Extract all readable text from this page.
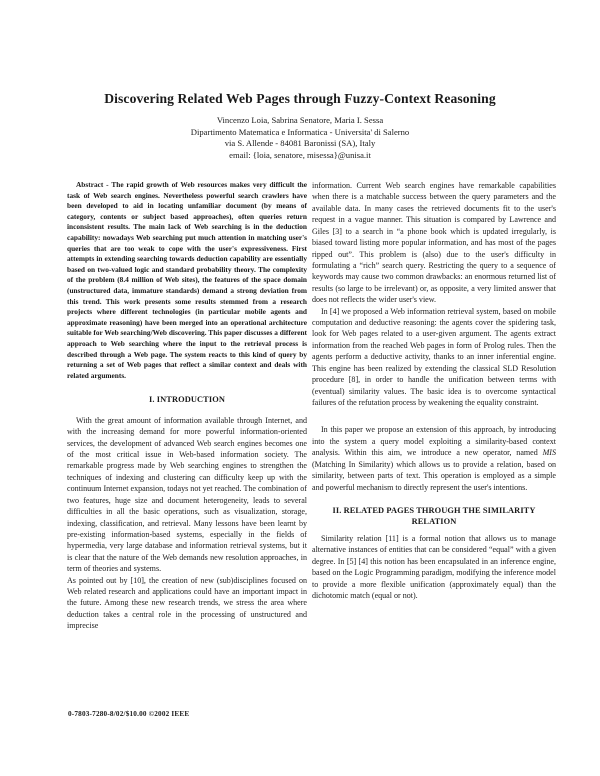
Discovering Related Web Pages through Fuzzy-Context Reasoning
Vincenzo Loia, Sabrina Senatore, Maria I. Sessa
Dipartimento Matematica e Informatica - Universita' di Salerno
via S. Allende - 84081 Baronissi (SA), Italy
email: {loia, senatore, misessa}@unisa.it

Abstract - The rapid growth of Web resources makes very difficult the task of Web search engines. Nevertheless powerful search crawlers have been developed to aid in locating unfamiliar document (by means of category, contents or subject based approaches), often queries return inconsistent results. The main lack of Web searching is in the deduction capability: nowadays Web searching put much attention in matching user's queries that are too weak to cope with the user's expressiveness. First attempts in extending searching towards deduction capability are essentially based on two-valued logic and standard probability theory. The complexity of the problem (8.4 million of Web sites), the features of the space domain (unstructured data, immature standards) demand a strong deviation from this trend. This work presents some results stemmed from a research projects where different technologies (in particular mobile agents and approximate reasoning) have been merged into an operational architecture suitable for Web searching/Web discovering. This paper discusses a different approach to Web searching where the input to the retrieval process is described through a Web page. The system reacts to this kind of query by returning a set of Web pages that reflect a similar context and deals with related arguments.

I. INTRODUCTION

With the great amount of information available through Internet, and with the increasing demand for more powerful information-oriented services, the development of advanced Web search engines becomes one of the most critical issue in Web-based information society. The remarkable progress made by Web searching engines to strengthen the techniques of indexing and clustering can difficulty keep up with the continuum Internet expansion, todays not yet reached. The combination of two features, huge size and document heterogeneity, leads to several difficulties in all the basic operations, such as visualization, storage, indexing, classification, and retrieval. Many lessons have been learnt by pre-existing information-based systems, especially in the fields of hypermedia, very large database and information retrieval systems, but it is clear that the nature of the Web demands new resolution approaches, in term of theories and systems.

As pointed out by [10], the creation of new (sub)disciplines focused on Web related research and applications could have an important impact in the future. Among these new research trends, we stress the area where deduction takes a central role in the processing of unstructured and imprecise

information. Current Web search engines have remarkable capabilities when there is a matchable success between the query parameters and the available data. In many cases the retrieved documents fit to the user's request in a vague manner. This situation is compared by Lawrence and Giles [3] to a search in “a phone book which is updated irregularly, is biased toward listing more popular information, and has most of the pages ripped out”. This problem is (also) due to the user's difficulty in formulating a “rich” search query. Restricting the query to a sequence of keywords may cause two common drawbacks: an enormous returned list of results (so large to be irrelevant) or, as opposite, a very limited answer that does not reflects the wider user's view.

In [4] we proposed a Web information retrieval system, based on mobile computation and deductive reasoning: the agents cover the spidering task, look for Web pages related to a user-given argument. The agents extract information from the reached Web pages in form of Prolog rules. Then the agents perform a deductive activity, thanks to an inner inferential engine. This engine has been realized by extending the classical SLD Resolution procedure [8], in order to handle the unification between terms with (eventual) similarity values. The basic idea is to overcome syntactical failures of the refutation process by weakening the equality constraint.

In this paper we propose an extension of this approach, by introducing into the system a query model exploiting a similarity-based context analysis. Within this aim, we introduce a new operator, named MIS (Matching In Similarity) which allows us to provide a relation, based on similarity, between parts of text. This operation is employed as a simple and powerful mechanism to directly represent the user's intentions.

II. RELATED PAGES THROUGH THE SIMILARITY
RELATION

Similarity relation [11] is a formal notion that allows us to manage alternative instances of entities that can be considered “equal” with a given degree. In [5] [4] this notion has been encapsulated in an inference engine, based on the Logic Programming paradigm, modifying the inference model to provide a more flexible unification (approximately equal) than the dichotomic match (equal or not).

0-7803-7280-8/02/$10.00 ©2002 IEEE
